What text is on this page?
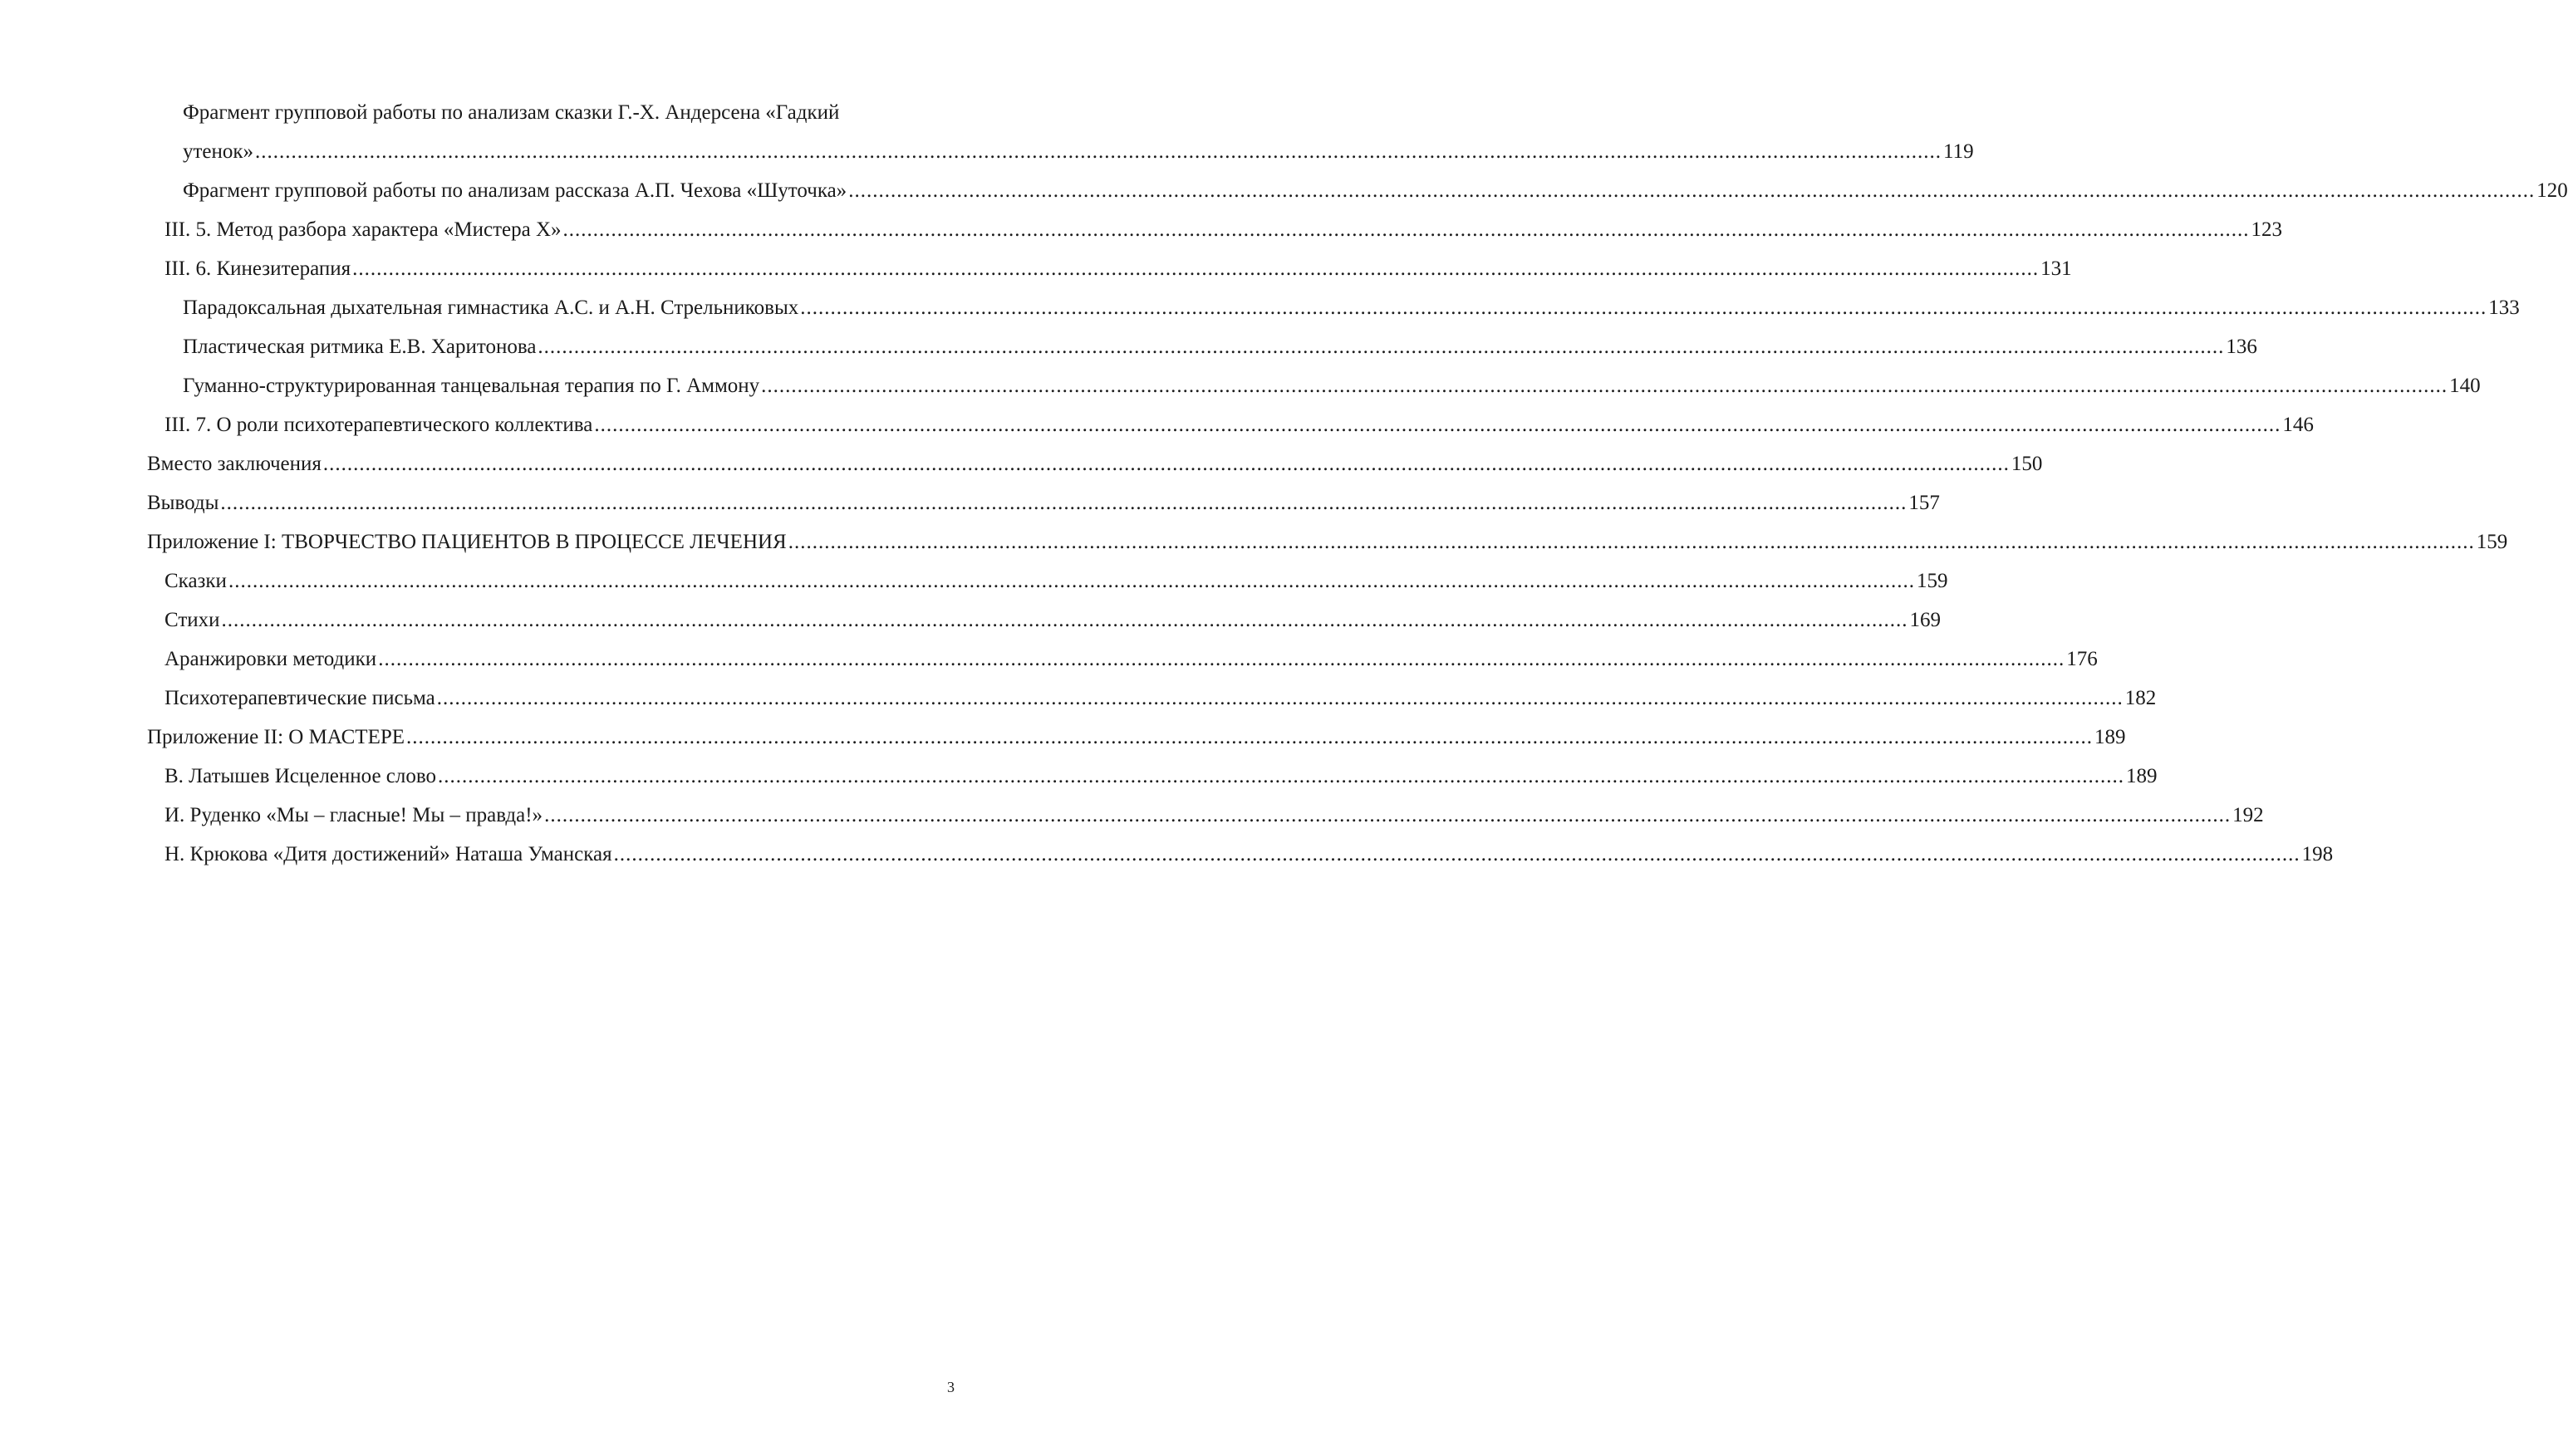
Фрагмент групповой работы по анализам сказки Г.-Х. Андерсена «Гадкий
утенок» .....	119
Фрагмент групповой работы по анализам рассказа А.П. Чехова «Шуточка» .....	120
III. 5. Метод разбора характера «Мистера Х» .....	123
III. 6. Кинезитерапия .....	131
Парадоксальная дыхательная гимнастика А.С. и А.Н. Стрельниковых .....	133
Пластическая ритмика Е.В. Харитонова .....	136
Гуманно-структурированная танцевальная терапия по Г. Аммону .....	140
III. 7. О роли психотерапевтического коллектива .....	146
Вместо заключения .....	150
Выводы .....	157
Приложение I: ТВОРЧЕСТВО ПАЦИЕНТОВ В ПРОЦЕССЕ ЛЕЧЕНИЯ .....	159
Сказки .....	159
Стихи .....	169
Аранжировки методики .....	176
Психотерапевтические письма .....	182
Приложение II: О МАСТЕРЕ .....	189
В. Латышев Исцеленное слово .....	189
И. Руденко «Мы – гласные! Мы – правда!» .....	192
Н. Крюкова «Дитя достижений» Наташа Уманская .....	198
3
